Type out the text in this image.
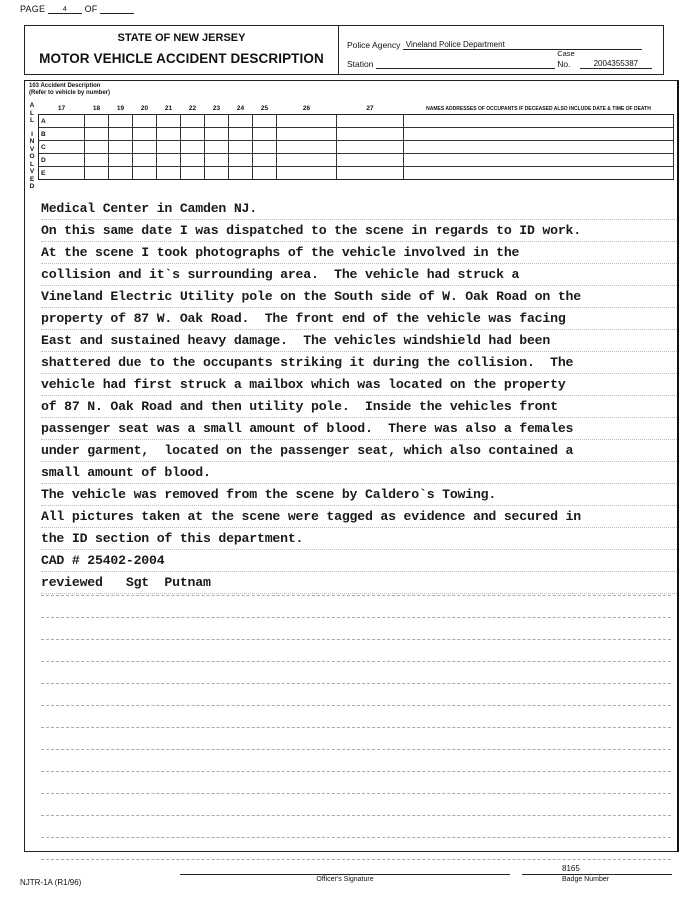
PAGE	4 OF
STATE OF NEW JERSEY
MOTOR VEHICLE ACCIDENT DESCRIPTION
Police Agency Vineland Police Department
Station
Case
No.	2004355387
103 Accident Description
(Refer to vehicle by number)
A
L
L
I
N
V
O
L
V
E
D
17	18	19	20	21	22	23	24	25	26	27	NAMES ADDRESSES OF OCCUPANTS IF DECEASED ALSO INCLUDE DATE & TIME OF DEATH
A											
B											
C											
D											
E											
Medical Center in Camden NJ.
On this same date I was dispatched to the scene in regards to ID work.
At the scene I took photographs of the vehicle involved in the
collision and it`s surrounding area.  The vehicle had struck a
Vineland Electric Utility pole on the South side of W. Oak Road on the
property of 87 W. Oak Road.  The front end of the vehicle was facing
East and sustained heavy damage.  The vehicles windshield had been
shattered due to the occupants striking it during the collision.  The
vehicle had first struck a mailbox which was located on the property
of 87 N. Oak Road and then utility pole.  Inside the vehicles front
passenger seat was a small amount of blood.  There was also a females
under garment,  located on the passenger seat, which also contained a
small amount of blood.
The vehicle was removed from the scene by Caldero`s Towing.
All pictures taken at the scene were tagged as evidence and secured in
the ID section of this department.
CAD # 25402-2004
reviewed   Sgt  Putnam
NJTR-1A (R1/96)	Officer's Signature
8165
Badge Number
